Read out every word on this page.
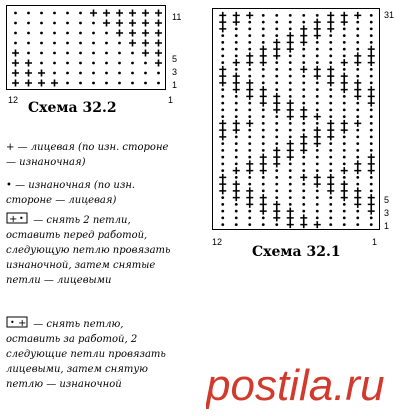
11
5
3
1
12	1
Схема 32.2
31
5
3
1
12	1
Схема 32.1
+ — лицевая (по изн. стороне — изнаночная)
• — изнаночная (по изн. стороне — лицевая)
+ • — снять 2 петли, оставить перед работой, следующую петлю провязать изнаночной, затем снятые петли — лицевыми
• + — снять петлю, оставить за работой, 2 следующие петли провязать лицевыми, затем снятую петлю — изнаночной	postila.ru
